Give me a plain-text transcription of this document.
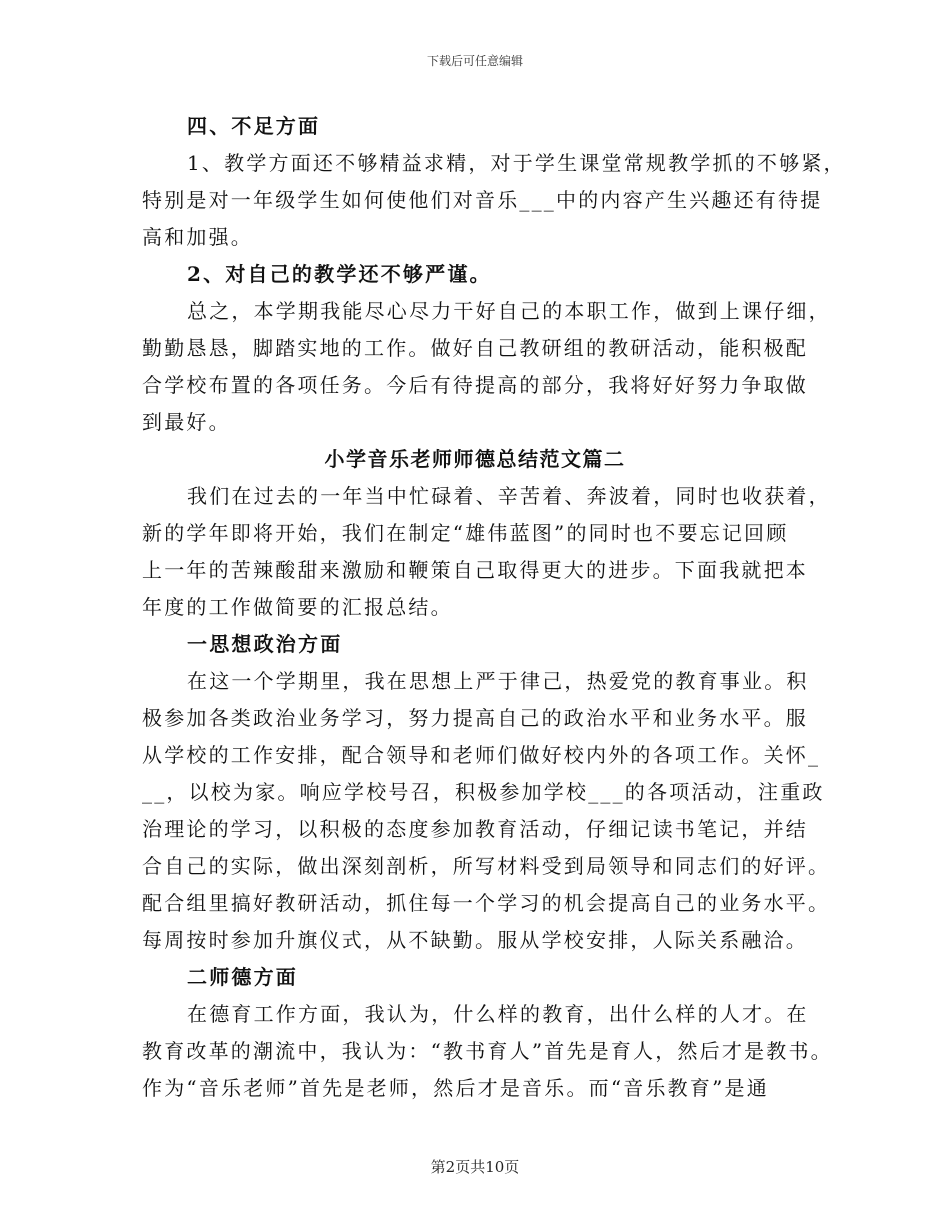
下载后可任意编辑
四、不足方面
1、教学方面还不够精益求精，对于学生课堂常规教学抓的不够紧，
特别是对一年级学生如何使他们对音乐___中的内容产生兴趣还有待提
高和加强。
2、对自己的教学还不够严谨。
总之，本学期我能尽心尽力干好自己的本职工作，做到上课仔细，
勤勤恳恳，脚踏实地的工作。做好自己教研组的教研活动，能积极配
合学校布置的各项任务。今后有待提高的部分，我将好好努力争取做
到最好。
小学音乐老师师德总结范文篇二
我们在过去的一年当中忙碌着、辛苦着、奔波着，同时也收获着，
新的学年即将开始，我们在制定“雄伟蓝图”的同时也不要忘记回顾
上一年的苦辣酸甜来激励和鞭策自己取得更大的进步。下面我就把本
年度的工作做简要的汇报总结。
一思想政治方面
在这一个学期里，我在思想上严于律己，热爱党的教育事业。积
极参加各类政治业务学习，努力提高自己的政治水平和业务水平。服
从学校的工作安排，配合领导和老师们做好校内外的各项工作。关怀_
__，以校为家。响应学校号召，积极参加学校___的各项活动，注重政
治理论的学习，以积极的态度参加教育活动，仔细记读书笔记，并结
合自己的实际，做出深刻剖析，所写材料受到局领导和同志们的好评。
配合组里搞好教研活动，抓住每一个学习的机会提高自己的业务水平。
每周按时参加升旗仪式，从不缺勤。服从学校安排，人际关系融洽。
二师德方面
在德育工作方面，我认为，什么样的教育，出什么样的人才。在
教育改革的潮流中，我认为：“教书育人”首先是育人，然后才是教书。
作为“音乐老师”首先是老师，然后才是音乐。而“音乐教育”是通
第2页共10页
